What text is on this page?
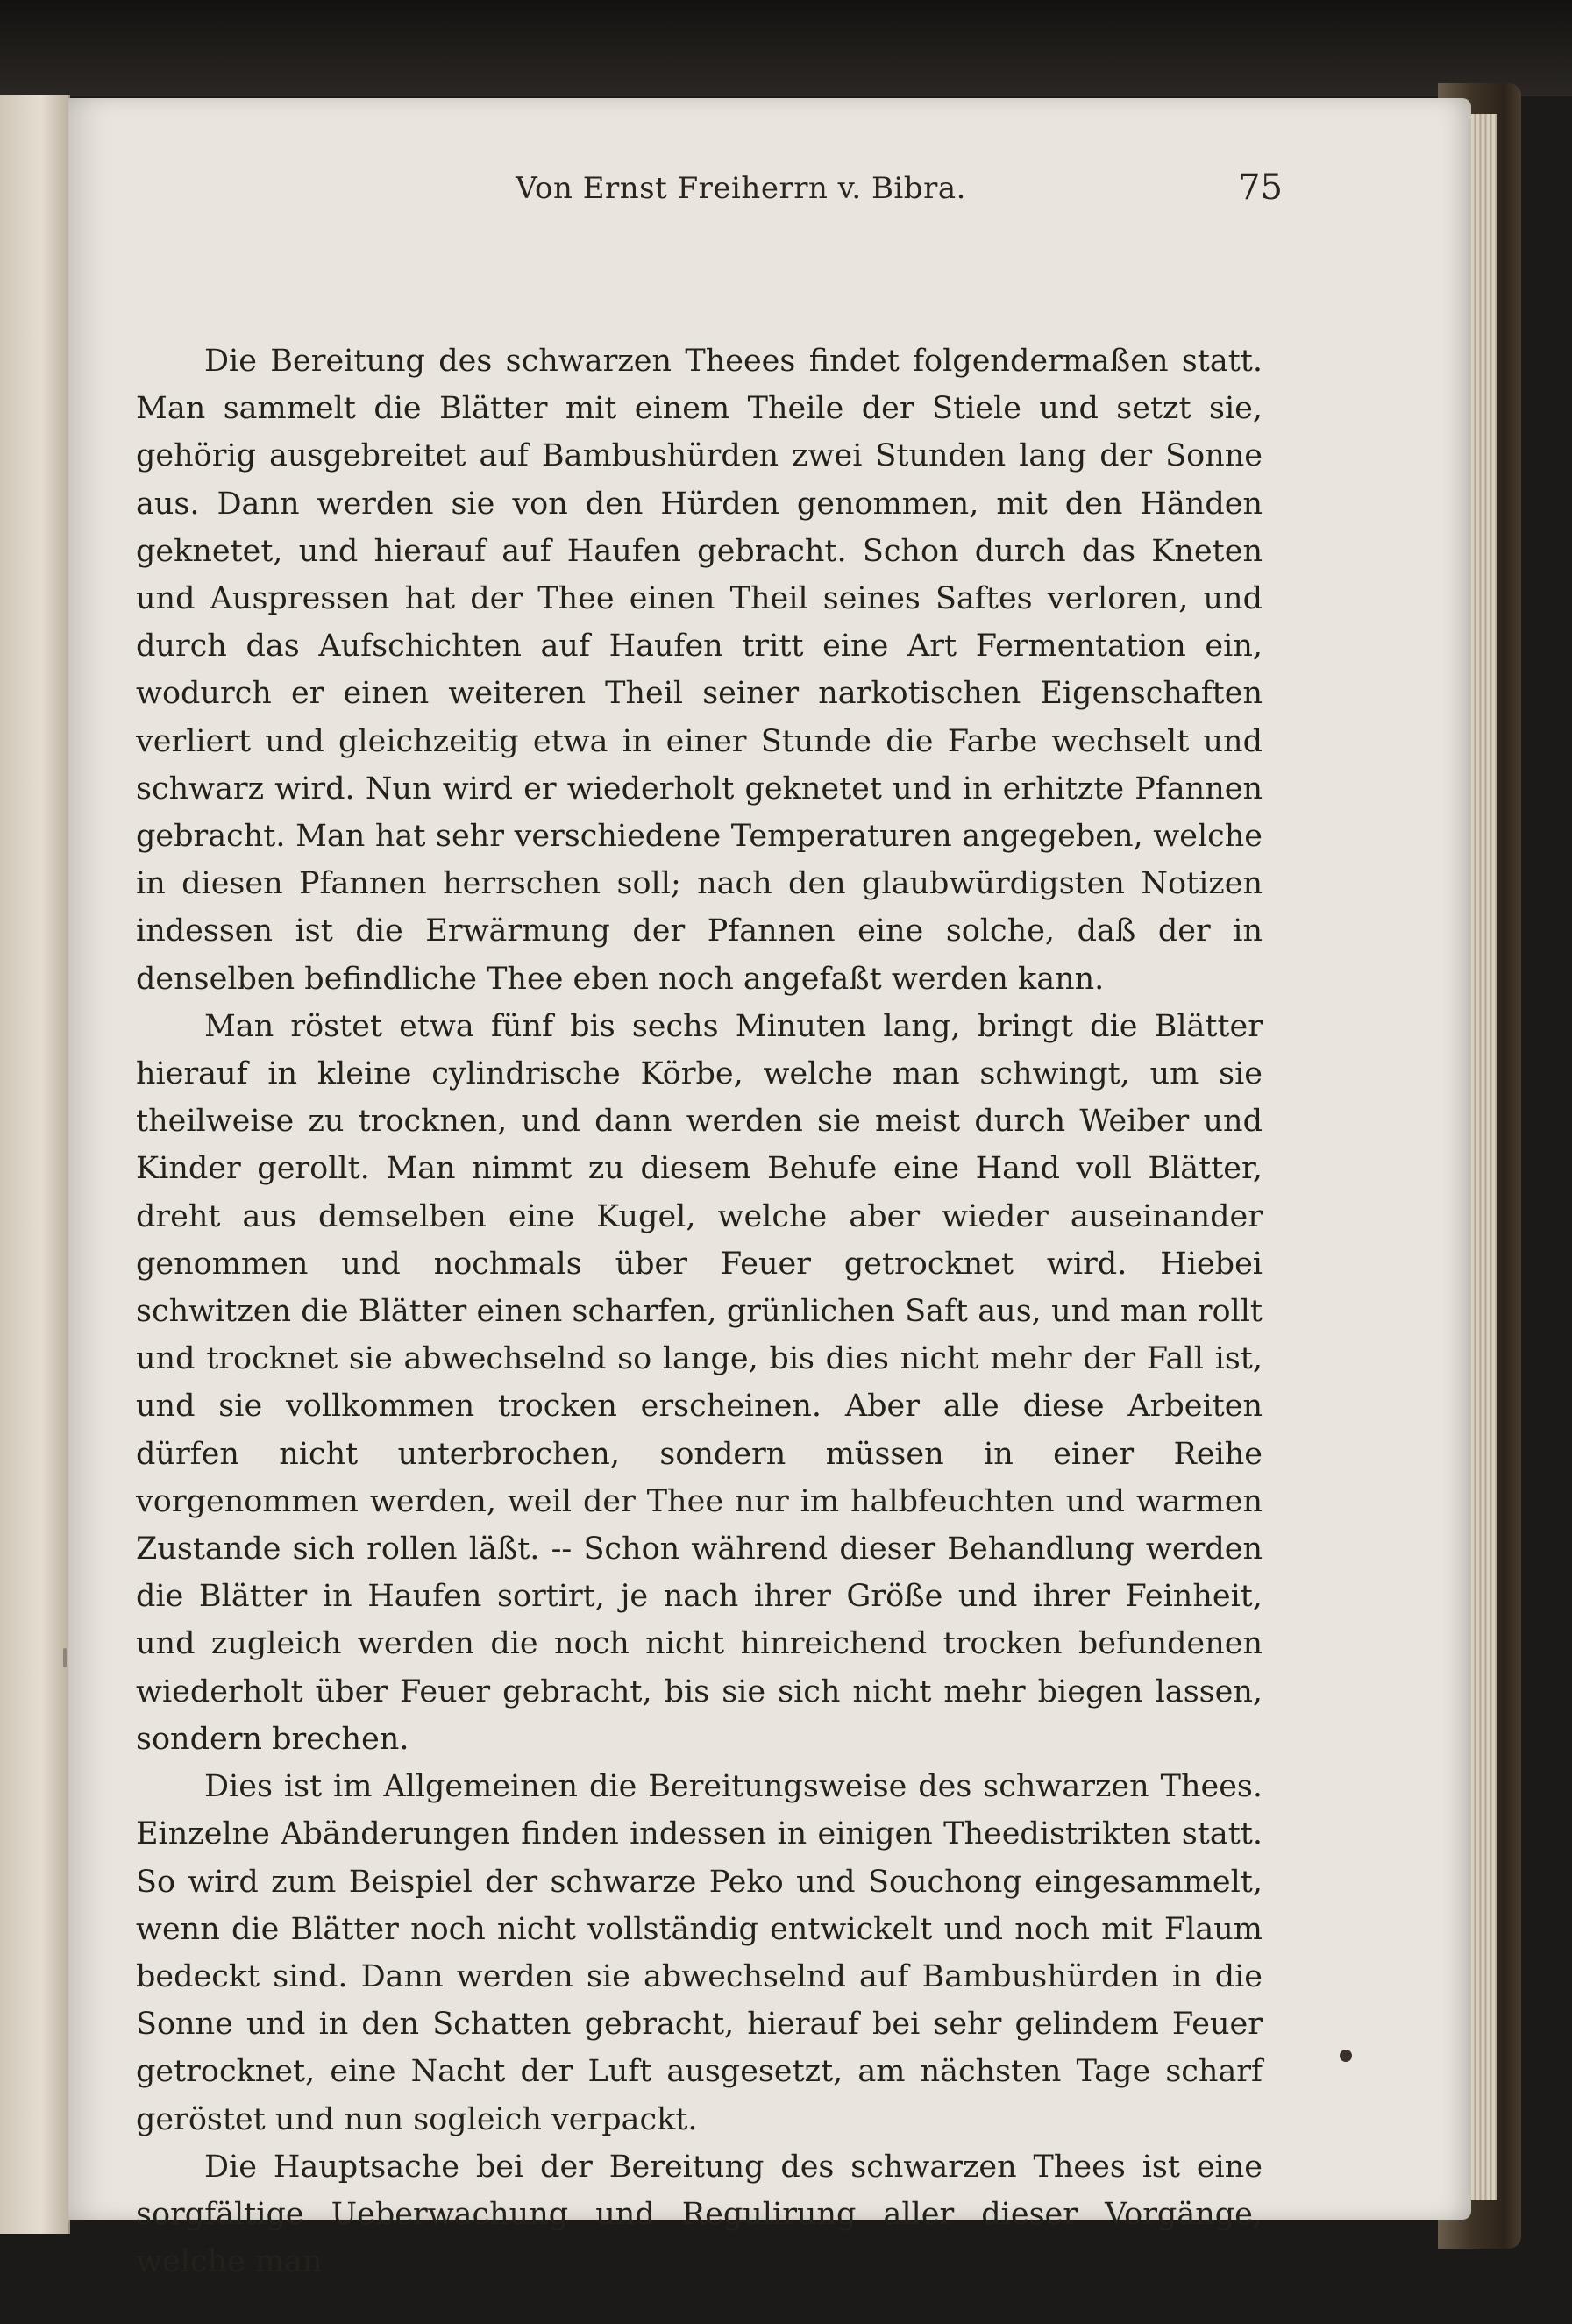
Von Ernst Freiherrn v. Bibra.	75

Die Bereitung des schwarzen Theees findet folgendermaßen statt. Man sammelt die Blätter mit einem Theile der Stiele und setzt sie, gehörig ausgebreitet auf Bambushürden zwei Stunden lang der Sonne aus. Dann werden sie von den Hürden genommen, mit den Händen geknetet, und hierauf auf Haufen gebracht. Schon durch das Kneten und Auspressen hat der Thee einen Theil seines Saftes verloren, und durch das Aufschichten auf Haufen tritt eine Art Fermentation ein, wodurch er einen weiteren Theil seiner narkotischen Eigenschaften verliert und gleichzeitig etwa in einer Stunde die Farbe wechselt und schwarz wird. Nun wird er wiederholt geknetet und in erhitzte Pfannen gebracht. Man hat sehr verschiedene Temperaturen angegeben, welche in diesen Pfannen herrschen soll; nach den glaubwürdigsten Notizen indessen ist die Erwärmung der Pfannen eine solche, daß der in denselben befindliche Thee eben noch angefaßt werden kann.

Man röstet etwa fünf bis sechs Minuten lang, bringt die Blätter hierauf in kleine cylindrische Körbe, welche man schwingt, um sie theilweise zu trocknen, und dann werden sie meist durch Weiber und Kinder gerollt. Man nimmt zu diesem Behufe eine Hand voll Blätter, dreht aus demselben eine Kugel, welche aber wieder auseinander genommen und nochmals über Feuer getrocknet wird. Hiebei schwitzen die Blätter einen scharfen, grünlichen Saft aus, und man rollt und trocknet sie abwechselnd so lange, bis dies nicht mehr der Fall ist, und sie vollkommen trocken erscheinen. Aber alle diese Arbeiten dürfen nicht unterbrochen, sondern müssen in einer Reihe vorgenommen werden, weil der Thee nur im halbfeuchten und warmen Zustande sich rollen läßt. -- Schon während dieser Behandlung werden die Blätter in Haufen sortirt, je nach ihrer Größe und ihrer Feinheit, und zugleich werden die noch nicht hinreichend trocken befundenen wiederholt über Feuer gebracht, bis sie sich nicht mehr biegen lassen, sondern brechen.

Dies ist im Allgemeinen die Bereitungsweise des schwarzen Thees. Einzelne Abänderungen finden indessen in einigen Theedistrikten statt. So wird zum Beispiel der schwarze Peko und Souchong eingesammelt, wenn die Blätter noch nicht vollständig entwickelt und noch mit Flaum bedeckt sind. Dann werden sie abwechselnd auf Bambushürden in die Sonne und in den Schatten gebracht, hierauf bei sehr gelindem Feuer getrocknet, eine Nacht der Luft ausgesetzt, am nächsten Tage scharf geröstet und nun sogleich verpackt.

Die Hauptsache bei der Bereitung des schwarzen Thees ist eine sorgfältige Ueberwachung und Regulirung aller dieser Vorgänge, welche man
